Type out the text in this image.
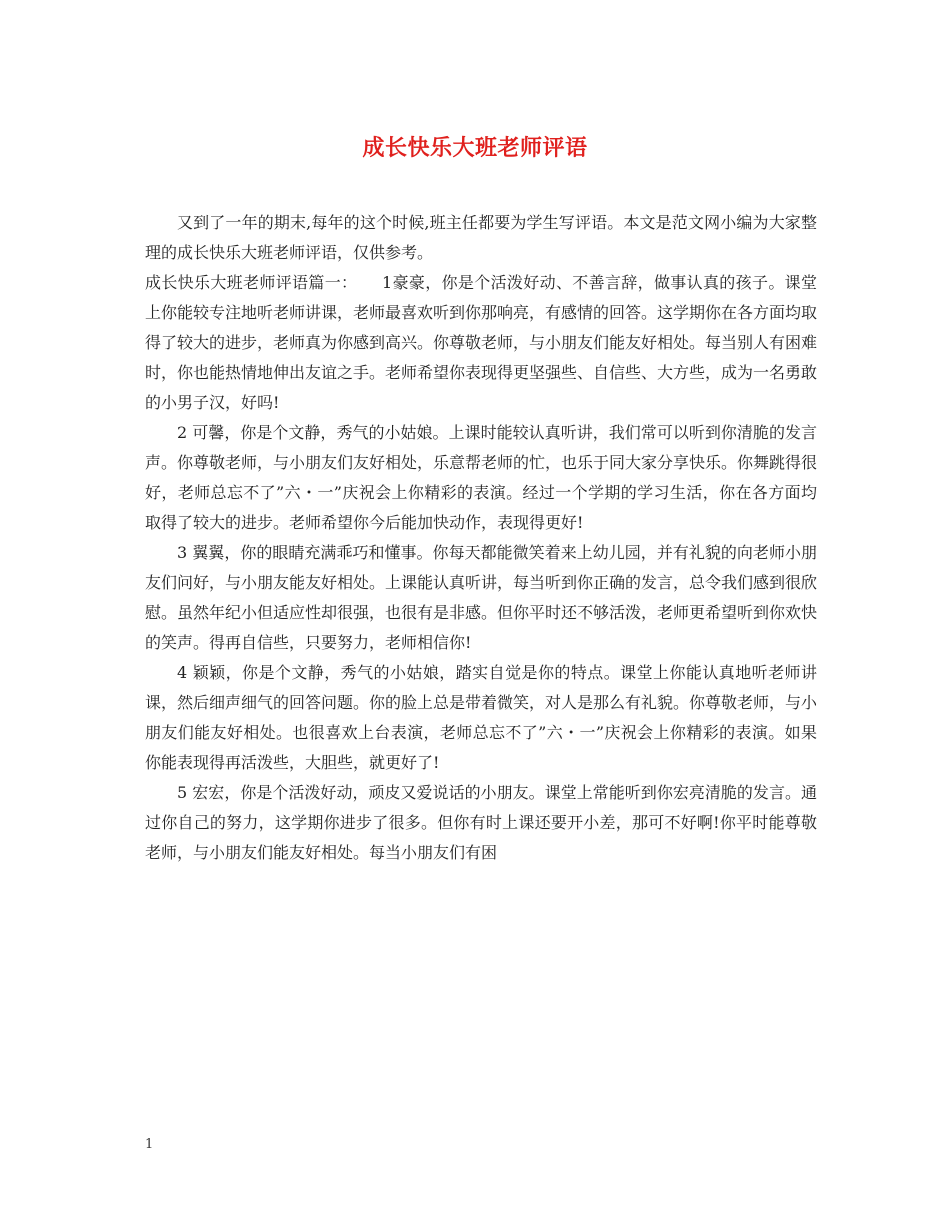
成长快乐大班老师评语

又到了一年的期末,每年的这个时候,班主任都要为学生写评语。本文是范文网小编为大家整理的成长快乐大班老师评语，仅供参考。

成长快乐大班老师评语篇一：　　1豪豪，你是个活泼好动、不善言辞，做事认真的孩子。课堂上你能较专注地听老师讲课，老师最喜欢听到你那响亮，有感情的回答。这学期你在各方面均取得了较大的进步，老师真为你感到高兴。你尊敬老师，与小朋友们能友好相处。每当别人有困难时，你也能热情地伸出友谊之手。老师希望你表现得更坚强些、自信些、大方些，成为一名勇敢的小男子汉，好吗!

2 可馨，你是个文静，秀气的小姑娘。上课时能较认真听讲，我们常可以听到你清脆的发言声。你尊敬老师，与小朋友们友好相处，乐意帮老师的忙，也乐于同大家分享快乐。你舞跳得很好，老师总忘不了”六・一”庆祝会上你精彩的表演。经过一个学期的学习生活，你在各方面均取得了较大的进步。老师希望你今后能加快动作，表现得更好!

3 翼翼，你的眼睛充满乖巧和懂事。你每天都能微笑着来上幼儿园，并有礼貌的向老师小朋友们问好，与小朋友能友好相处。上课能认真听讲，每当听到你正确的发言，总令我们感到很欣慰。虽然年纪小但适应性却很强，也很有是非感。但你平时还不够活泼，老师更希望听到你欢快的笑声。得再自信些，只要努力，老师相信你!

4 颖颖，你是个文静，秀气的小姑娘，踏实自觉是你的特点。课堂上你能认真地听老师讲课，然后细声细气的回答问题。你的脸上总是带着微笑，对人是那么有礼貌。你尊敬老师，与小朋友们能友好相处。也很喜欢上台表演，老师总忘不了”六・一”庆祝会上你精彩的表演。如果你能表现得再活泼些，大胆些，就更好了!

5 宏宏，你是个活泼好动，顽皮又爱说话的小朋友。课堂上常能听到你宏亮清脆的发言。通过你自己的努力，这学期你进步了很多。但你有时上课还要开小差，那可不好啊!你平时能尊敬老师，与小朋友们能友好相处。每当小朋友们有困

1
